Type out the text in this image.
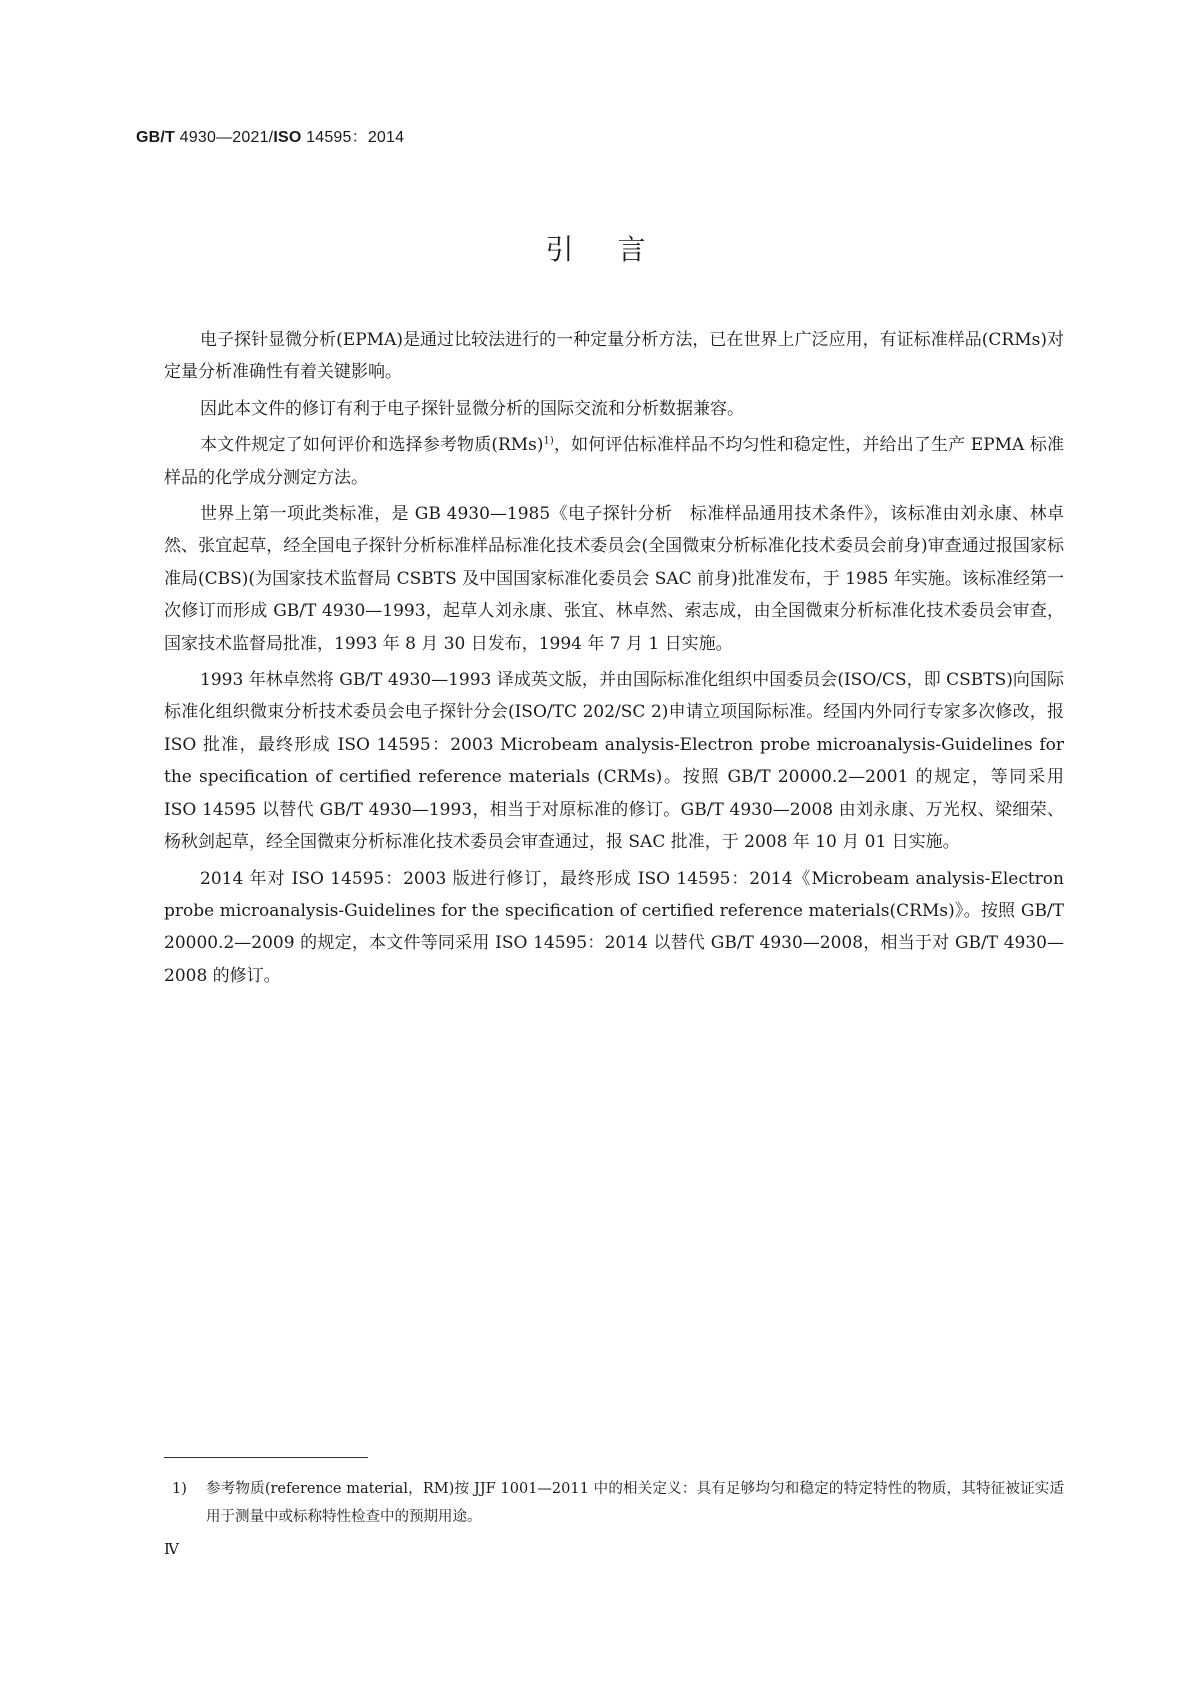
GB/T 4930—2021/ISO 14595：2014
引言

电子探针显微分析(EPMA)是通过比较法进行的一种定量分析方法，已在世界上广泛应用，有证标准样品(CRMs)对定量分析准确性有着关键影响。

因此本文件的修订有利于电子探针显微分析的国际交流和分析数据兼容。

本文件规定了如何评价和选择参考物质(RMs)$^{1)}$，如何评估标准样品不均匀性和稳定性，并给出了生产 EPMA 标准样品的化学成分测定方法。

世界上第一项此类标准，是 GB 4930—1985《电子探针分析　标准样品通用技术条件》，该标准由刘永康、林卓然、张宜起草，经全国电子探针分析标准样品标准化技术委员会(全国微束分析标准化技术委员会前身)审查通过报国家标准局(CBS)(为国家技术监督局 CSBTS 及中国国家标准化委员会 SAC 前身)批准发布，于 1985 年实施。该标准经第一次修订而形成 GB/T 4930—1993，起草人刘永康、张宜、林卓然、索志成，由全国微束分析标准化技术委员会审查，国家技术监督局批准，1993 年 8 月 30 日发布，1994 年 7 月 1 日实施。

1993 年林卓然将 GB/T 4930—1993 译成英文版，并由国际标准化组织中国委员会(ISO/CS，即 CSBTS)向国际标准化组织微束分析技术委员会电子探针分会(ISO/TC 202/SC 2)申请立项国际标准。经国内外同行专家多次修改，报 ISO 批准，最终形成 ISO 14595：2003 Microbeam analysis-Electron probe microanalysis-Guidelines for the specification of certified reference materials (CRMs)。按照 GB/T 20000.2—2001 的规定，等同采用 ISO 14595 以替代 GB/T 4930—1993，相当于对原标准的修订。GB/T 4930—2008 由刘永康、万光权、梁细荣、杨秋剑起草，经全国微束分析标准化技术委员会审查通过，报 SAC 批准，于 2008 年 10 月 01 日实施。

2014 年对 ISO 14595：2003 版进行修订，最终形成 ISO 14595：2014《Microbeam analysis-Electron probe microanalysis-Guidelines for the specification of certified reference materials(CRMs)》。按照 GB/T 20000.2—2009 的规定，本文件等同采用 ISO 14595：2014 以替代 GB/T 4930—2008，相当于对 GB/T 4930—2008 的修订。

1)	参考物质(reference material，RM)按 JJF 1001—2011 中的相关定义：具有足够均匀和稳定的特定特性的物质，其特征被证实适用于测量中或标称特性检查中的预期用途。
Ⅳ
